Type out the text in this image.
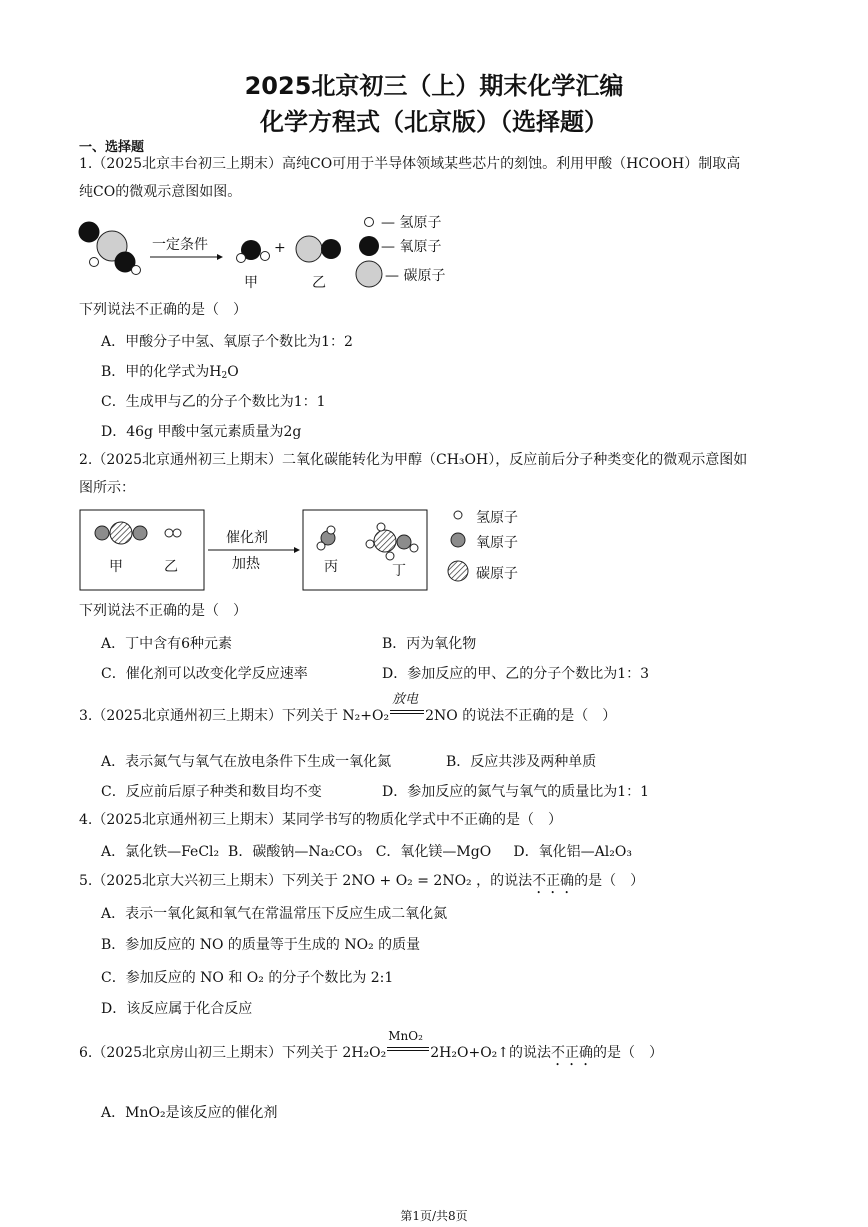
2025北京初三（上）期末化学汇编
化学方程式（北京版）（选择题）
一、选择题
1.（2025北京丰台初三上期末）高纯CO可用于半导体领域某些芯片的刻蚀。利用甲酸（HCOOH）制取高
纯CO的微观示意图如图。
一定条件	+
甲	乙
— 氢原子
— 氧原子
— 碳原子
下列说法不正确的是（　）
A．甲酸分子中氢、氧原子个数比为1：2
B．甲的化学式为$H_2O$
C．生成甲与乙的分子个数比为1：1
D．46g 甲酸中氢元素质量为2g
2.（2025北京通州初三上期末）二氧化碳能转化为甲醇（CH₃OH），反应前后分子种类变化的微观示意图如
图所示：
甲	乙
催化剂
加热	丙	丁
氢原子
氧原子
碳原子
下列说法不正确的是（　）
A．丁中含有6种元素	B．丙为氧化物
C．催化剂可以改变化学反应速率	D．参加反应的甲、乙的分子个数比为1：3
3.（2025北京通州初三上期末）下列关于 N₂+O₂
放电
2NO 的说法不正确的是（　）
A．表示氮气与氧气在放电条件下生成一氧化氮	B．反应共涉及两种单质
C．反应前后原子种类和数目均不变	D．参加反应的氮气与氧气的质量比为1：1
4.（2025北京通州初三上期末）某同学书写的物质化学式中不正确的是（　）
A．氯化铁—FeCl₂  B．碳酸钠—Na₂CO₃   C．氧化镁—MgO     D．氧化铝—Al₂O₃
5.（2025北京大兴初三上期末）下列关于 2NO + O₂ = 2NO₂ ，的说法不正确的是（　）
A．表示一氧化氮和氧气在常温常压下反应生成二氧化氮
B．参加反应的 NO 的质量等于生成的 NO₂ 的质量
C．参加反应的 NO 和 O₂ 的分子个数比为 2:1
D．该反应属于化合反应
6.（2025北京房山初三上期末）下列关于 2H₂O₂
MnO₂
2H₂O+O₂↑的说法不正确的是（　）
A．MnO₂是该反应的催化剂
第1页/共8页
